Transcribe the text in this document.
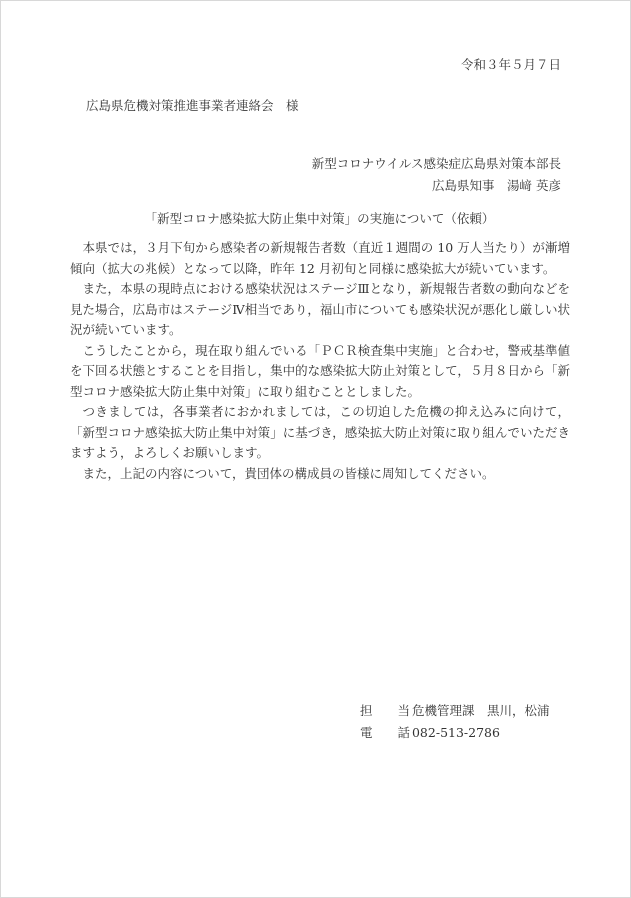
令和３年５月７日
広島県危機対策推進事業者連絡会　様
新型コロナウイルス感染症広島県対策本部長
広島県知事　湯﨑 英彦
「新型コロナ感染拡大防止集中対策」の実施について（依頼）

本県では，３月下旬から感染者の新規報告者数（直近１週間の 10 万人当たり）が漸増傾向（拡大の兆候）となって以降，昨年 12 月初旬と同様に感染拡大が続いています。

また，本県の現時点における感染状況はステージⅢとなり，新規報告者数の動向などを見た場合，広島市はステージⅣ相当であり，福山市についても感染状況が悪化し厳しい状況が続いています。

こうしたことから，現在取り組んでいる「ＰＣＲ検査集中実施」と合わせ，警戒基準値を下回る状態とすることを目指し，集中的な感染拡大防止対策として，５月８日から「新型コロナ感染拡大防止集中対策」に取り組むこととしました。

つきましては，各事業者におかれましては，この切迫した危機の抑え込みに向けて，「新型コロナ感染拡大防止集中対策」に基づき，感染拡大防止対策に取り組んでいただきますよう，よろしくお願いします。

また，上記の内容について，貴団体の構成員の皆様に周知してください。

担　当 危機管理課　黒川，松浦
電　話 082-513-2786
